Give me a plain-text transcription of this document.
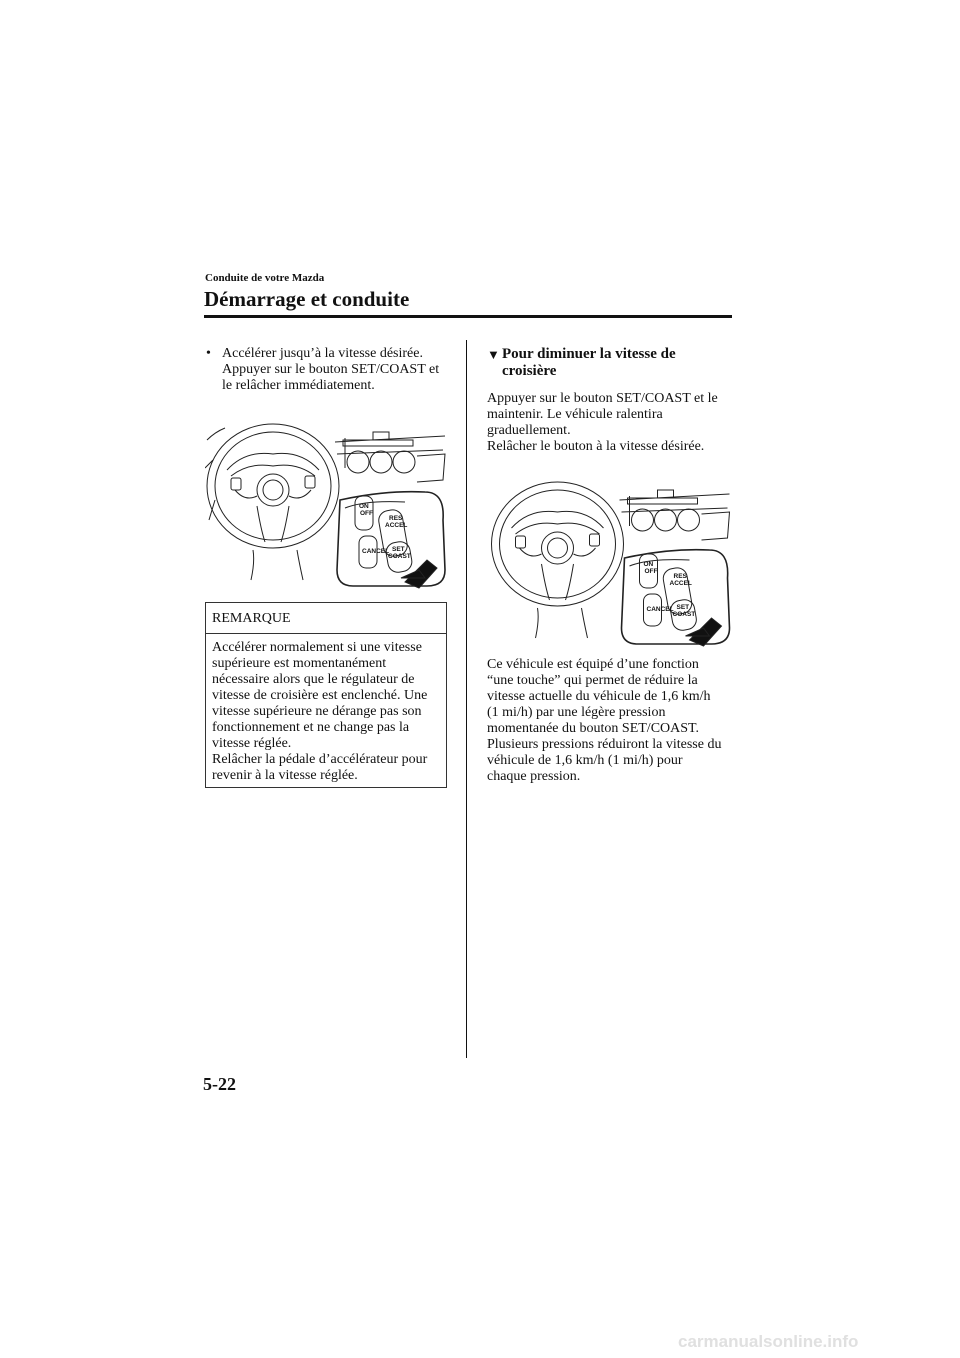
Conduite de votre Mazda
Démarrage et conduite
• Accélérer jusqu’à la vitesse désirée.
Appuyer sur le bouton SET/COAST et
le relâcher immédiatement.
ON
OFF
RES
ACCEL
SET
COAST
CANCEL
REMARQUE
Accélérer normalement si une vitesse
supérieure est momentanément
nécessaire alors que le régulateur de
vitesse de croisière est enclenché. Une
vitesse supérieure ne dérange pas son
fonctionnement et ne change pas la
vitesse réglée.
Relâcher la pédale d’accélérateur pour
revenir à la vitesse réglée.
▼ Pour diminuer la vitesse de
croisière
Appuyer sur le bouton SET/COAST et le
maintenir. Le véhicule ralentira
graduellement.
Relâcher le bouton à la vitesse désirée.
ON
OFF
RES
ACCEL
SET
COAST
CANCEL
Ce véhicule est équipé d’une fonction
“une touche” qui permet de réduire la
vitesse actuelle du véhicule de 1,6 km/h
(1 mi/h) par une légère pression
momentanée du bouton SET/COAST.
Plusieurs pressions réduiront la vitesse du
véhicule de 1,6 km/h (1 mi/h) pour
chaque pression.
5-22
carmanualsonline.info
